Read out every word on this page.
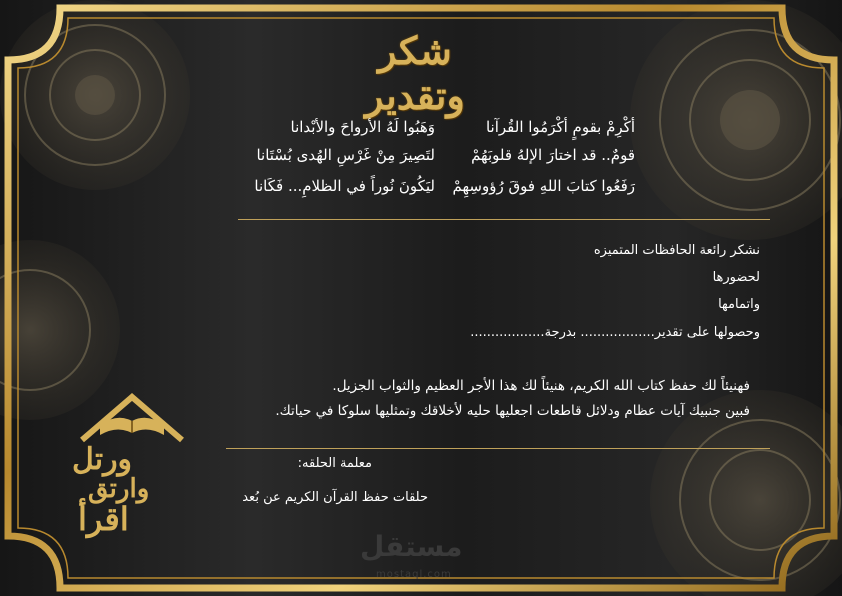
شكر وتقدير
أكْرِمْ بقومٍ أكْرَمُوا القُرآنا
وَهَبُوا لَهُ الأرواحَ والأبْدانا
قومٌ.. قد اختارَ الإلهُ قلوبَهُمْ
لتَصِيرَ مِنْ غَرْسِ الهُدى بُسْتَانا
رَفَعُوا كتابَ اللهِ فوقَ رُؤوسِهِمْ
ليَكُونَ نُوراً في الظلامِ... فَكَانا
نشكر رائعة الحافظات المتميزه
لحضورها
واتمامها
وحصولها على تقدير.................. بدرجة..................
فهنيئاً لك حفظ كتاب الله الكريم، هنيئاً لك هذا الأجر العظيم والثواب الجزيل.
فبين جنبيك آيات عظام ودلائل قاطعات اجعليها حليه لأخلاقك وتمثليها سلوكا في حياتك.
معلمة الحلقه:
حلقات حفظ القرآن الكريم عن بُعد
ورتل
وارتق
اقرأ
مستقل
mostaql.com
